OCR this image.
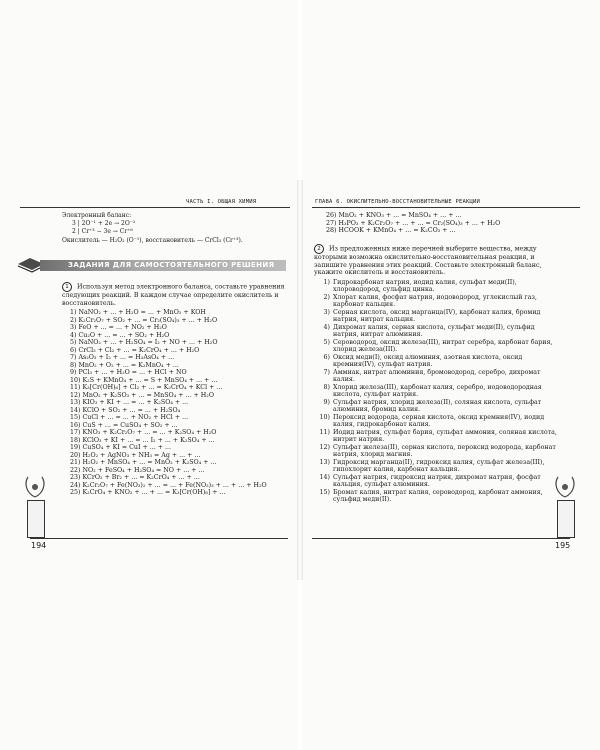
ЧАСТЬ I. ОБЩАЯ ХИМИЯ
Электронный баланс:
3 | 2О⁻¹ + 2e → 2О⁻²
2 | Cr⁺³ − 3e → Cr⁺⁶
Окислитель — H₂O₂ (O⁻¹), восстановитель — CrCl₃ (Cr⁺³).
ЗАДАНИЯ ДЛЯ САМОСТОЯТЕЛЬНОГО РЕШЕНИЯ
1 Используя метод электронного баланса, составьте уравнения следующих реакций. В каждом случае определите окислитель и восстановитель.
1) NaNO₂ + ... + H₂O = ... + MnO₂ + KOH
2) K₂Cr₂O₇ + SO₂ + ... = Cr₂(SO₄)₃ + ... + H₂O
3) FeO + ... = ... + NO₂ + H₂O
4) Cu₂O + ... = ... + SO₂ + H₂O
5) NaNO₂ + ... + H₂SO₄ = I₂ + NO + ... + H₂O
6) CrCl₃ + Cl₂ + ... = K₂CrO₄ + ... + H₂O
7) As₂O₃ + I₂ + ... = H₃AsO₄ + ...
8) MnO₂ + O₂ + ... = K₂MnO₄ + ...
9) PCl₃ + ... + H₂O = ... + HCl + NO
10) K₂S + KMnO₄ + ... = S + MnSO₄ + ... + ...
11) K₃[Cr(OH)₆] + Cl₂ + ... = K₂CrO₄ + KCl + ...
12) MnO₂ + K₂SO₃ + ... = MnSO₄ + ... + H₂O
13) KIO₃ + KI + ... = ... + K₂SO₄ + ...
14) KClO + SO₂ + ... = ... + H₂SO₄
15) CuCl + ... = ... + NO₂ + HCl + ...
16) CuS + ... = CuSO₄ + SO₂ + ...
17) KNO₃ + K₂Cr₂O₇ + ... = ... + K₂SO₄ + H₂O
18) KClO₃ + KI + ... = ... I₂ + ... + K₂SO₄ + ...
19) CuSO₄ + KI = CuI + ... + ...
20) H₂O₂ + AgNO₃ + NH₃ = Ag + ... + ...
21) H₂O₂ + MnSO₄ + ... = MnO₂ + K₂SO₄ + ...
22) NO₂ + FeSO₄ + H₂SO₄ = NO + ... + ...
23) KCrO₂ + Br₂ + ... = K₂CrO₄ + ... + ...
24) K₂Cr₂O₇ + Fe(NO₃)₂ + ... = ... + Fe(NO₃)₃ + ... + ... + H₂O
25) K₂CrO₄ + KNO₂ + ... + ... = K₃[Cr(OH)₆] + ...
194
ГЛАВА 6. ОКИСЛИТЕЛЬНО-ВОССТАНОВИТЕЛЬНЫЕ РЕАКЦИИ
26) MnO₂ + KNO₃ + ... = MnSO₄ + ... + ...
27) H₃PO₃ + K₂Cr₂O₇ + ... + ... = Cr₂(SO₄)₃ + ... + H₂O
28) HCOOK + KMnO₄ + ... = K₂CO₃ + ...
2 Из предложенных ниже перечней выберите вещества, между которыми возможна окислительно-восстановительная реакция, и запишите уравнения этих реакций. Составьте электронный баланс, укажите окислитель и восстановитель.
1) Гидрокарбонат натрия, иодид калия, сульфат меди(II), хлороводород, сульфид цинка.
2) Хлорат калия, фосфат натрия, иодоводород, углекислый газ, карбонат кальция.
3) Серная кислота, оксид марганца(IV), карбонат калия, бромид натрия, нитрат кальция.
4) Дихромат калия, серная кислота, сульфат меди(II), сульфид натрия, нитрат алюминия.
5) Сероводород, оксид железа(III), нитрат серебра, карбонат бария, хлорид железа(III).
6) Оксид меди(I), оксид алюминия, азотная кислота, оксид кремния(IV), сульфат натрия.
7) Аммиак, нитрат алюминия, бромоводород, серебро, дихромат калия.
8) Хлорид железа(III), карбонат калия, серебро, иодоводородная кислота, сульфат натрия.
9) Сульфат натрия, хлорид железа(II), соляная кислота, сульфат алюминия, бромид калия.
10) Пероксид водорода, серная кислота, оксид кремния(IV), иодид калия, гидрокарбонат калия.
11) Иодид натрия, сульфат бария, сульфат аммония, соляная кислота, нитрит натрия.
12) Сульфат железа(II), серная кислота, пероксид водорода, карбонат натрия, хлорид магния.
13) Гидроксид марганца(II), гидроксид калия, сульфат железа(III), гипохлорит калия, карбонат кальция.
14) Сульфат натрия, гидроксид натрия, дихромат натрия, фосфат кальция, сульфат алюминия.
15) Бромат калия, нитрат калия, сероводород, карбонат аммония, сульфид меди(II).
195
